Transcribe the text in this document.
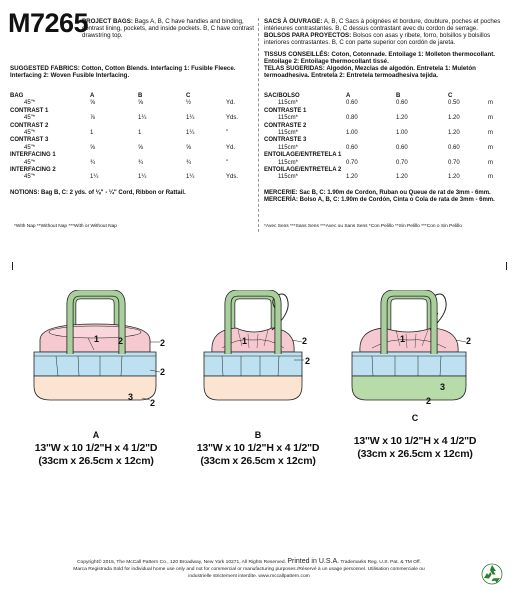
M7265
PROJECT BAGS: Bags A, B, C have handles and binding, contrast lining, pockets, and inside pockets. B, C have contrast drawstring top.
SACS À OUVRAGE: A, B, C Sacs à poignées et bordure, doublure, poches et poches intérieures contrastantes. B, C dessus contrastant avec du cordon de serrage.
BOLSOS PARA PROYECTOS: Bolsos con asas y ribete, forro, bolsillos y bolsillos interiores contrastantes. B, C con parte superior con cordón de jareta.
SUGGESTED FABRICS: Cotton, Cotton Blends. Interfacing 1: Fusible Fleece. Interfacing 2: Woven Fusible Interfacing.
TISSUS CONSEILLÉS: Coton, Cotonnade. Entoilage 1: Molleton thermocollant. Entoilage 2: Entoilage thermocollant tissé.
TELAS SUGERIDAS: Algodón, Mezclas de algodón. Entretela 1: Muletón termoadhesiva. Entretela 2: Entretela termoadhesiva tejida.
BAG	A	B	C	
45"*	⅝	⅝	½	Yd.
CONTRAST 1				
45"*	⅞	1¼	1¼	Yds.
CONTRAST 2				
45"*	1	1	1¼	"
CONTRAST 3				
45"*	⅝	⅝	⅝	Yd.
INTERFACING 1				
45"*	¾	¾	¾	"
INTERFACING 2				
45"*	1¼	1¼	1¼	Yds.
SAC/BOLSO	A	B	C	
115cm*	0.60	0.60	0.50	m
CONTRASTE 1				
115cm*	0.80	1.20	1.20	m
CONTRASTE 2				
115cm*	1.00	1.00	1.20	m
CONTRASTE 3				
115cm*	0.60	0.60	0.60	m
ENTOILAGE/ENTRETELA 1				
115cm*	0.70	0.70	0.70	m
ENTOILAGE/ENTRETELA 2				
115cm*	1.20	1.20	1.20	m
NOTIONS: Bag B, C: 2 yds. of ⅛" - ¼" Cord, Ribbon or Rattail.	MERCERIE: Sac B, C: 1.90m de Cordon, Ruban ou Queue de rat de 3mm - 6mm.
MERCERÍA: Bolso A, B, C: 1.90m de Cordón, Cinta o Cola de rata de 3mm - 6mm.
*With Nap **Without Nap ***With or Without Nap	*Avec Sens ***Sans Sens ***Avec ou Sans Sens *Con Pelillo **Sin Pelillo ***Con o Sin Pelillo
1 2	2
2
3
2
1	2
2
1	2
3
2
A
13"W x 10 1/2"H x 4 1/2"D
(33cm x 26.5cm x 12cm)
B
13"W x 10 1/2"H x 4 1/2"D
(33cm x 26.5cm x 12cm)
C
13"W x 10 1/2"H x 4 1/2"D
(33cm x 26.5cm x 12cm)
Copyright© 2015, The McCall Pattern Co., 120 Broadway, New York 10271, All Rights Reserved. Printed in U.S.A. Trademarks Reg. U.S. Pat. & TM Off.
Marca Registrada Sold for individual home use only and not for commercial or manufacturing purposes./Réservé à un usage personnel. Utilisation commerciale ou
industrielle strictement interdite. www.mccallpattern.com
